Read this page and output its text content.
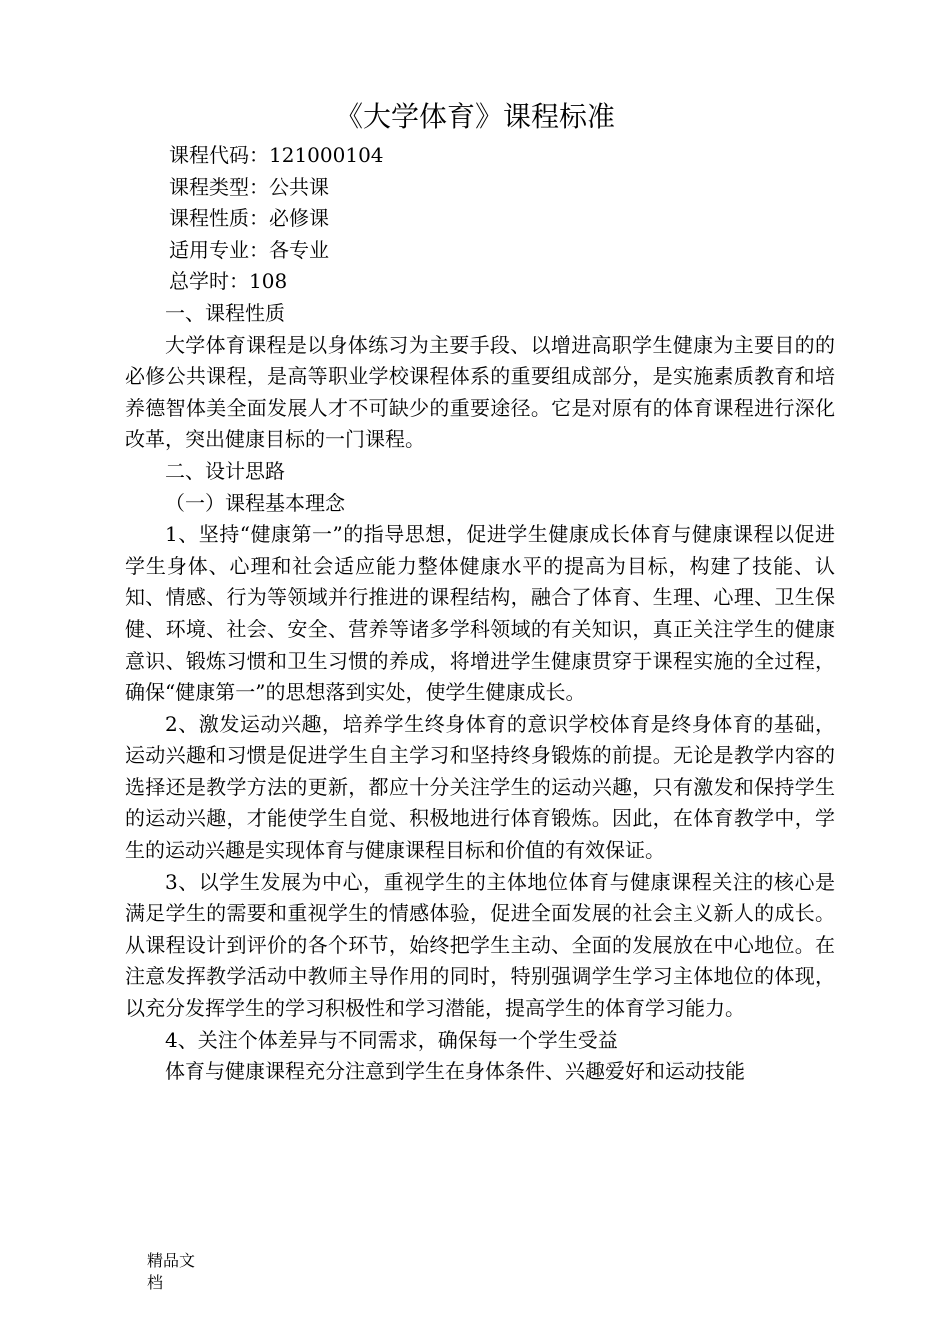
《大学体育》课程标准

课程代码：121000104

课程类型：公共课

课程性质：必修课

适用专业：各专业

总学时：108

一、课程性质

大学体育课程是以身体练习为主要手段、以增进高职学生健康为主要目的的必修公共课程，是高等职业学校课程体系的重要组成部分，是实施素质教育和培养德智体美全面发展人才不可缺少的重要途径。它是对原有的体育课程进行深化改革，突出健康目标的一门课程。

二、设计思路

（一）课程基本理念

1、坚持“健康第一”的指导思想，促进学生健康成长体育与健康课程以促进学生身体、心理和社会适应能力整体健康水平的提高为目标，构建了技能、认知、情感、行为等领域并行推进的课程结构，融合了体育、生理、心理、卫生保健、环境、社会、安全、营养等诸多学科领域的有关知识，真正关注学生的健康意识、锻炼习惯和卫生习惯的养成，将增进学生健康贯穿于课程实施的全过程，确保“健康第一”的思想落到实处，使学生健康成长。

2、激发运动兴趣，培养学生终身体育的意识学校体育是终身体育的基础，运动兴趣和习惯是促进学生自主学习和坚持终身锻炼的前提。无论是教学内容的选择还是教学方法的更新，都应十分关注学生的运动兴趣，只有激发和保持学生的运动兴趣，才能使学生自觉、积极地进行体育锻炼。因此，在体育教学中，学生的运动兴趣是实现体育与健康课程目标和价值的有效保证。

3、以学生发展为中心，重视学生的主体地位体育与健康课程关注的核心是满足学生的需要和重视学生的情感体验，促进全面发展的社会主义新人的成长。从课程设计到评价的各个环节，始终把学生主动、全面的发展放在中心地位。在注意发挥教学活动中教师主导作用的同时，特别强调学生学习主体地位的体现，以充分发挥学生的学习积极性和学习潜能，提高学生的体育学习能力。

4、关注个体差异与不同需求，确保每一个学生受益

体育与健康课程充分注意到学生在身体条件、兴趣爱好和运动技能

精品文档
